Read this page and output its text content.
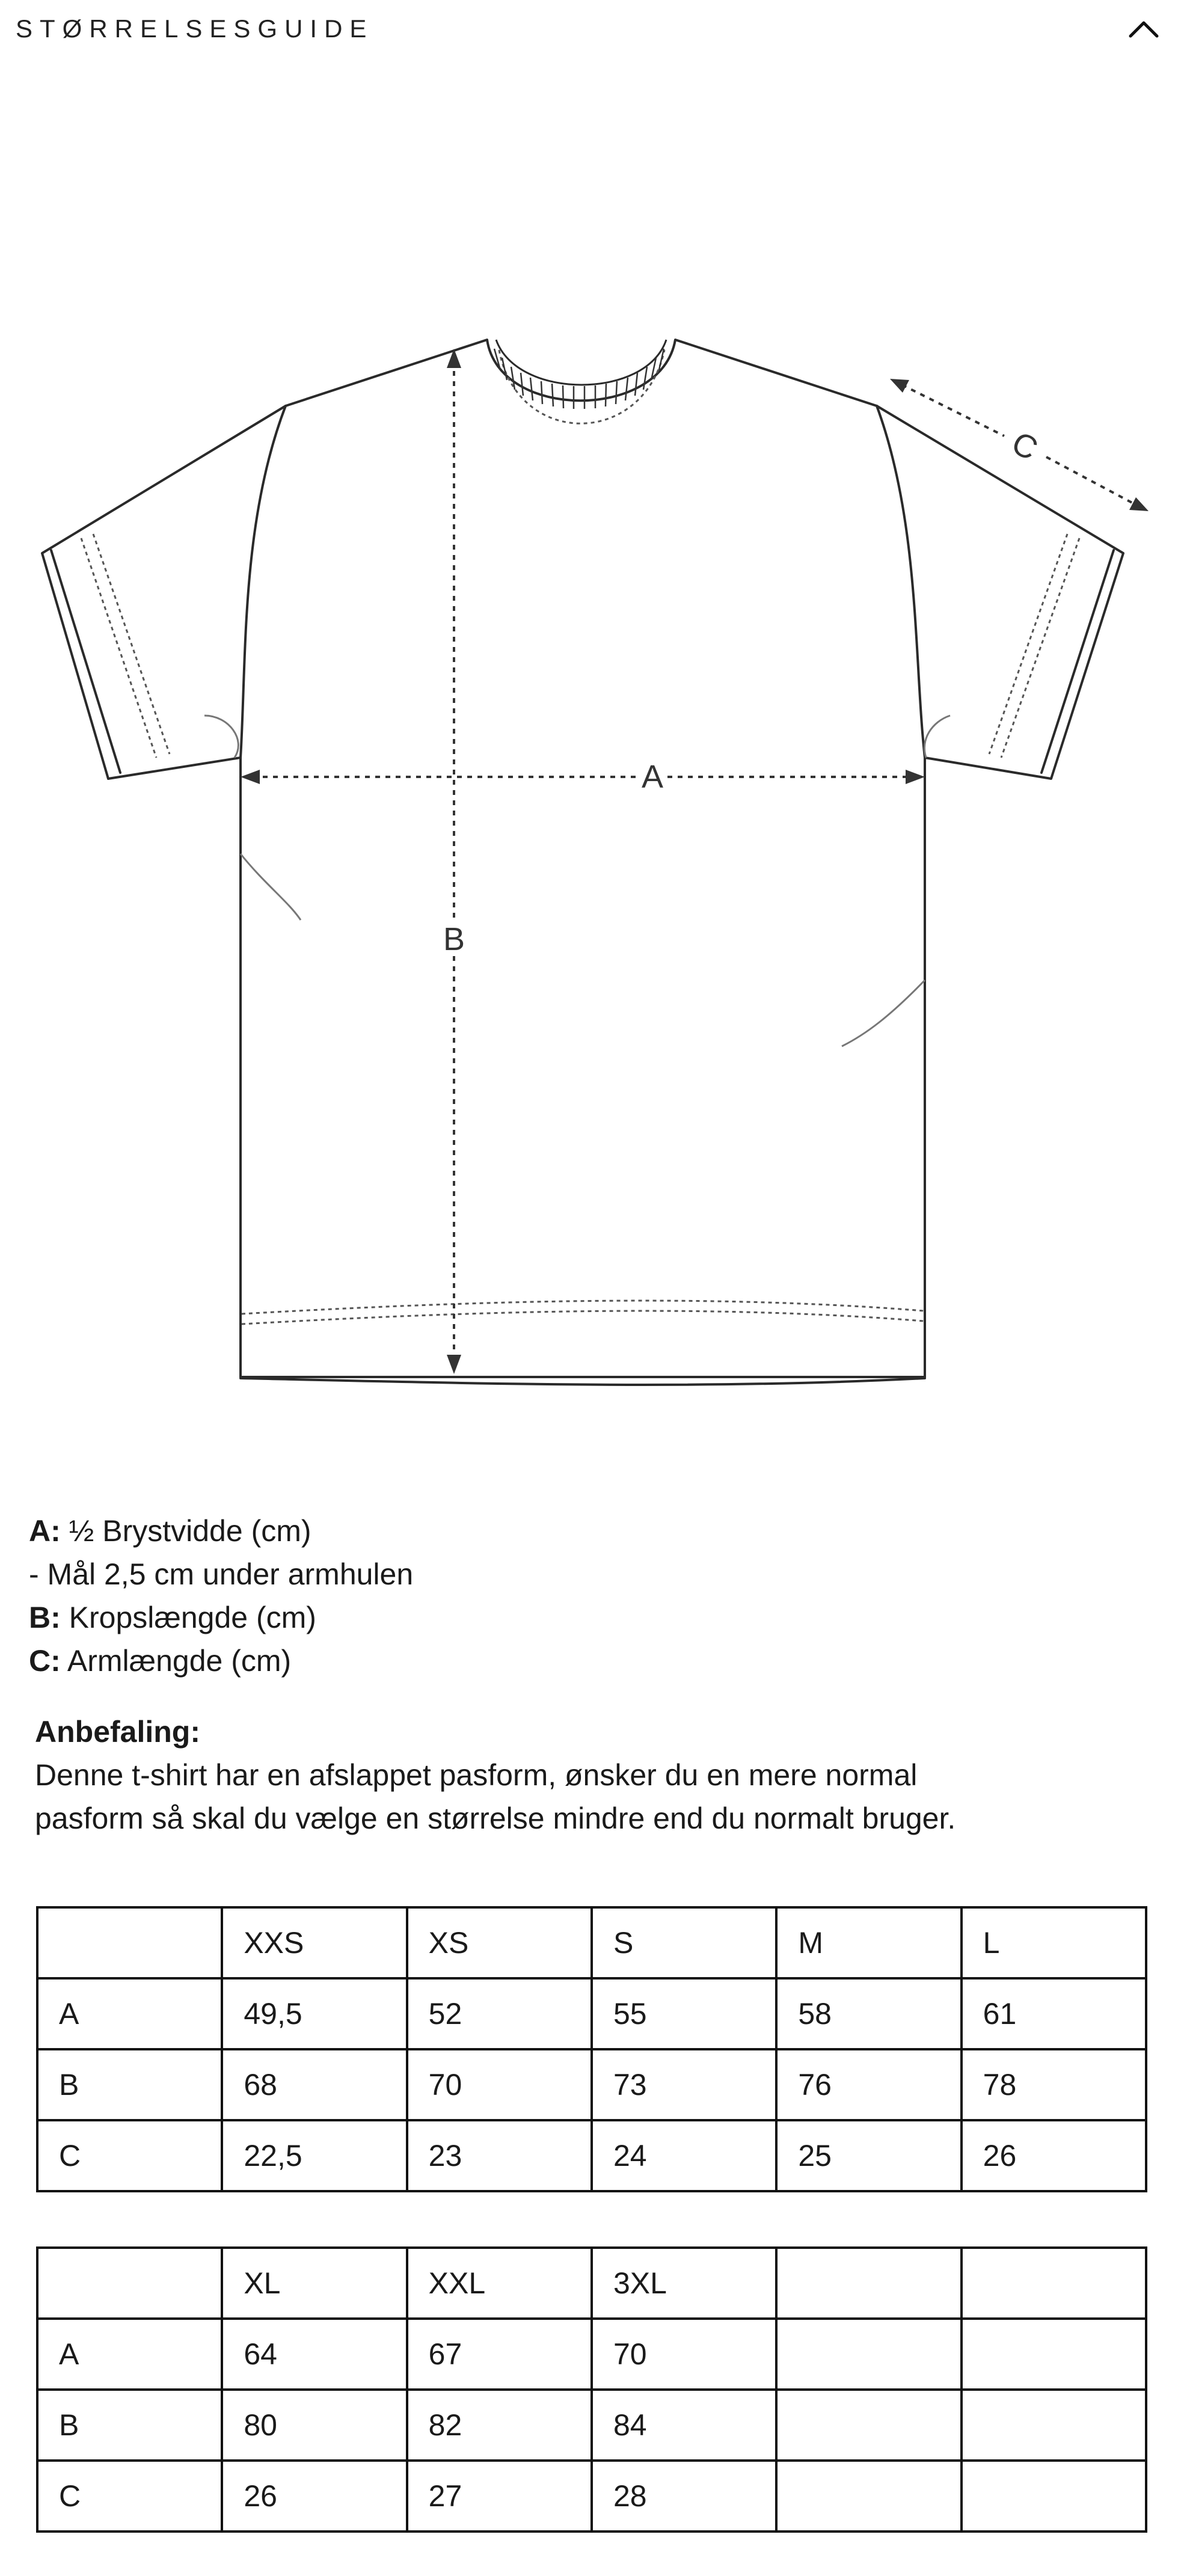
STØRRELSESGUIDE
A
B
C
A: ½ Brystvidde (cm)
- Mål 2,5 cm under armhulen
B: Kropslængde (cm)
C: Armlængde (cm)
Anbefaling:
Denne t-shirt har en afslappet pasform, ønsker du en mere normal
pasform så skal du vælge en størrelse mindre end du normalt bruger.
	XXS	XS	S	M	L
A	49,5	52	55	58	61
B	68	70	73	76	78
C	22,5	23	24	25	26
	XL	XXL	3XL		
A	64	67	70		
B	80	82	84		
C	26	27	28		
